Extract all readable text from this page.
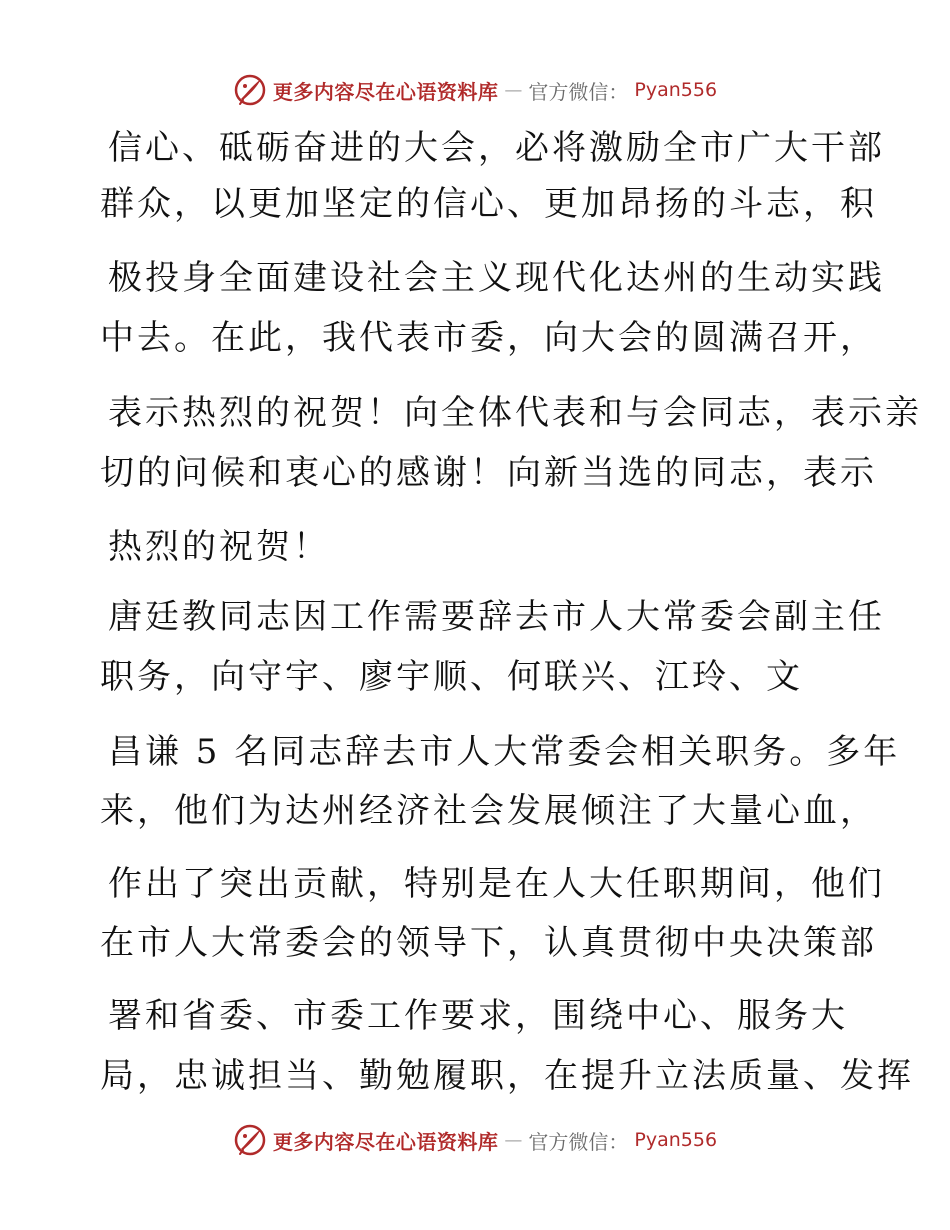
更多内容尽在心语资料库 — 官方微信： Pyan556
信心、砥砺奋进的大会，必将激励全市广大干部
群众，以更加坚定的信心、更加昂扬的斗志，积
极投身全面建设社会主义现代化达州的生动实践
中去。在此，我代表市委，向大会的圆满召开，
表示热烈的祝贺！向全体代表和与会同志，表示亲
切的问候和衷心的感谢！向新当选的同志，表示
热烈的祝贺！
唐廷教同志因工作需要辞去市人大常委会副主任
职务，向守宇、廖宇顺、何联兴、江玲、文
昌谦 5 名同志辞去市人大常委会相关职务。多年
来，他们为达州经济社会发展倾注了大量心血，
作出了突出贡献，特别是在人大任职期间，他们
在市人大常委会的领导下，认真贯彻中央决策部
署和省委、市委工作要求，围绕中心、服务大
局，忠诚担当、勤勉履职，在提升立法质量、发挥
更多内容尽在心语资料库 — 官方微信： Pyan556
